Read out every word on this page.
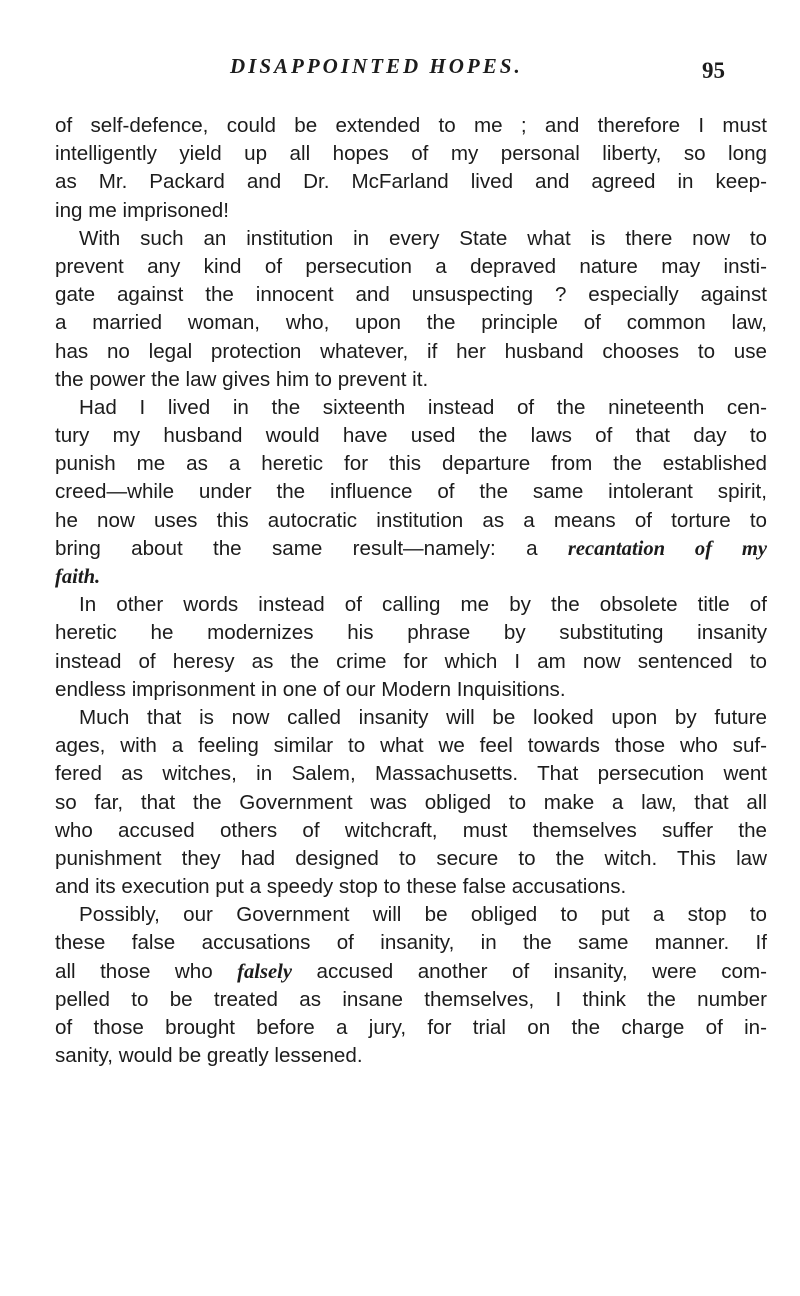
DISAPPOINTED HOPES.	95
of self-defence, could be extended to me ; and therefore I must
intelligently yield up all hopes of my personal liberty, so long
as Mr. Packard and Dr. McFarland lived and agreed in keep-
ing me imprisoned!
With such an institution in every State what is there now to
prevent any kind of persecution a depraved nature may insti-
gate against the innocent and unsuspecting ? especially against
a married woman, who, upon the principle of common law,
has no legal protection whatever, if her husband chooses to use
the power the law gives him to prevent it.
Had I lived in the sixteenth instead of the nineteenth cen-
tury my husband would have used the laws of that day to
punish me as a heretic for this departure from the established
creed—while under the influence of the same intolerant spirit,
he now uses this autocratic institution as a means of torture to
bring about the same result—namely: a recantation of my
faith.
In other words instead of calling me by the obsolete title of
heretic he modernizes his phrase by substituting insanity
instead of heresy as the crime for which I am now sentenced to
endless imprisonment in one of our Modern Inquisitions.
Much that is now called insanity will be looked upon by future
ages, with a feeling similar to what we feel towards those who suf-
fered as witches, in Salem, Massachusetts. That persecution went
so far, that the Government was obliged to make a law, that all
who accused others of witchcraft, must themselves suffer the
punishment they had designed to secure to the witch. This law
and its execution put a speedy stop to these false accusations.
Possibly, our Government will be obliged to put a stop to
these false accusations of insanity, in the same manner. If
all those who falsely accused another of insanity, were com-
pelled to be treated as insane themselves, I think the number
of those brought before a jury, for trial on the charge of in-
sanity, would be greatly lessened.
